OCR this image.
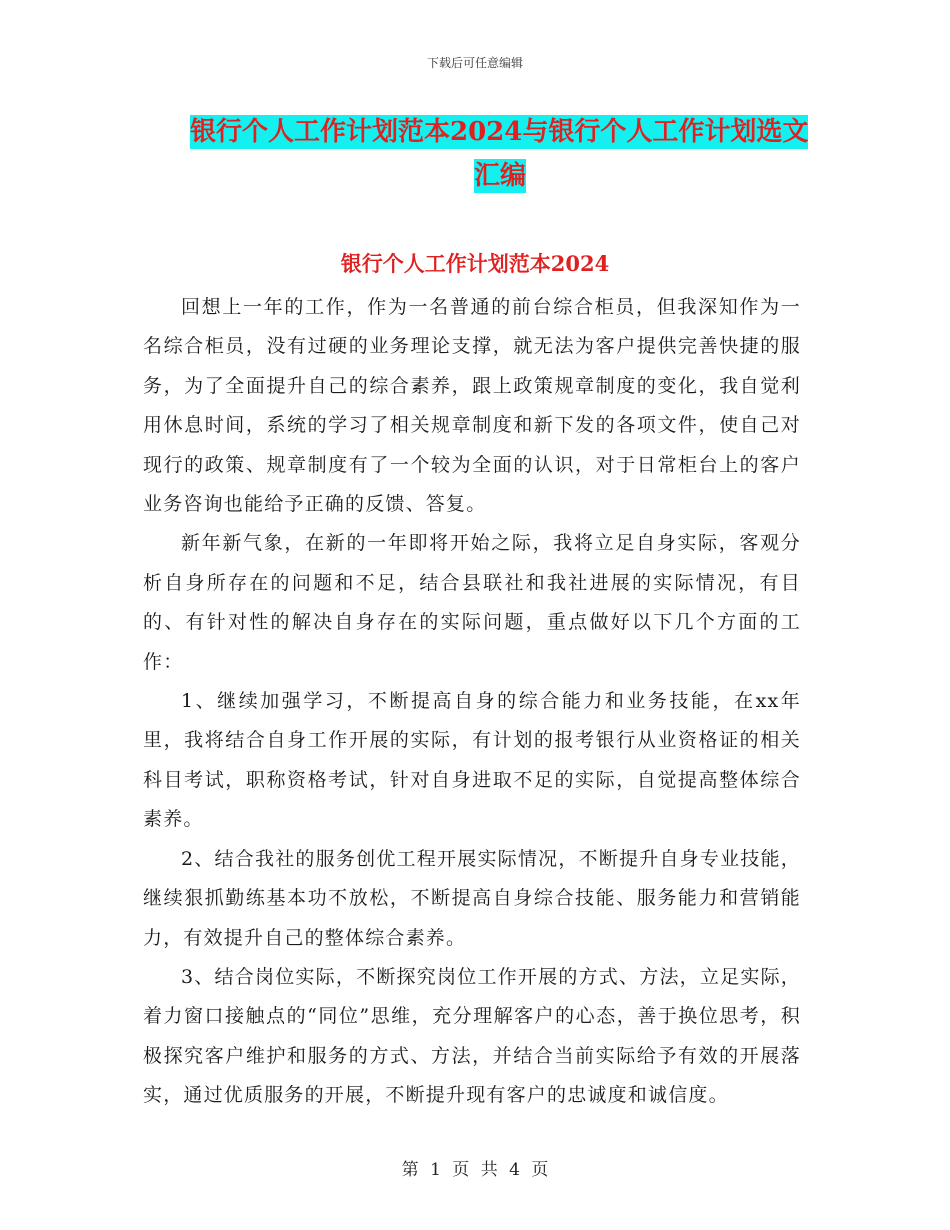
下载后可任意编辑
银行个人工作计划范本2024与银行个人工作计划选文
汇编
银行个人工作计划范本2024

回想上一年的工作，作为一名普通的前台综合柜员，但我深知作为一名综合柜员，没有过硬的业务理论支撑，就无法为客户提供完善快捷的服务，为了全面提升自己的综合素养，跟上政策规章制度的变化，我自觉利用休息时间，系统的学习了相关规章制度和新下发的各项文件，使自己对现行的政策、规章制度有了一个较为全面的认识，对于日常柜台上的客户业务咨询也能给予正确的反馈、答复。

新年新气象，在新的一年即将开始之际，我将立足自身实际，客观分析自身所存在的问题和不足，结合县联社和我社进展的实际情况，有目的、有针对性的解决自身存在的实际问题，重点做好以下几个方面的工作：

1、继续加强学习，不断提高自身的综合能力和业务技能，在xx年里，我将结合自身工作开展的实际，有计划的报考银行从业资格证的相关科目考试，职称资格考试，针对自身进取不足的实际，自觉提高整体综合素养。

2、结合我社的服务创优工程开展实际情况，不断提升自身专业技能，继续狠抓勤练基本功不放松，不断提高自身综合技能、服务能力和营销能力，有效提升自己的整体综合素养。

3、结合岗位实际，不断探究岗位工作开展的方式、方法，立足实际，着力窗口接触点的“同位”思维，充分理解客户的心态，善于换位思考，积极探究客户维护和服务的方式、方法，并结合当前实际给予有效的开展落实，通过优质服务的开展，不断提升现有客户的忠诚度和诚信度。

第 1 页 共 4 页
